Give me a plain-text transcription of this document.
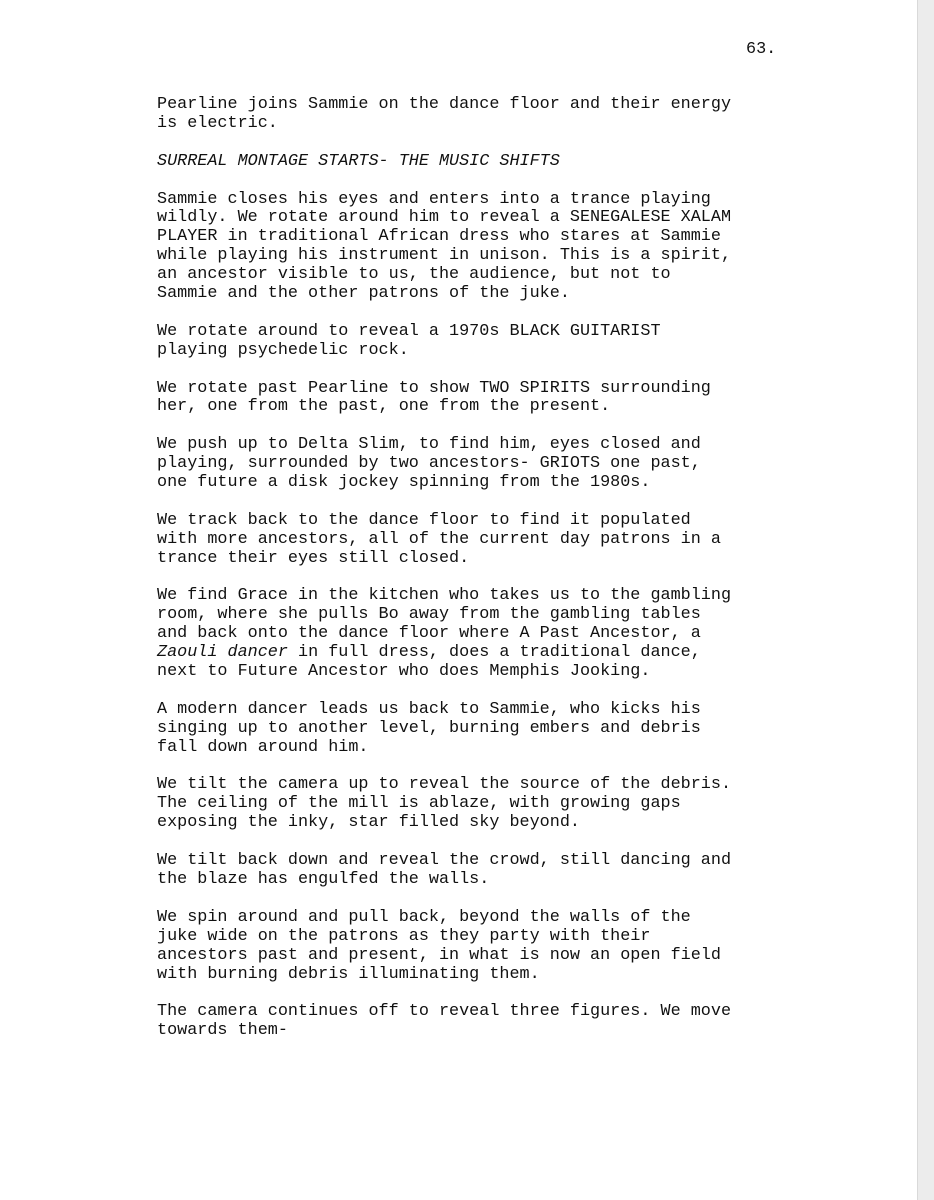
63.
Pearline joins Sammie on the dance floor and their energy
is electric.
SURREAL MONTAGE STARTS- THE MUSIC SHIFTS
Sammie closes his eyes and enters into a trance playing
wildly. We rotate around him to reveal a SENEGALESE XALAM
PLAYER in traditional African dress who stares at Sammie
while playing his instrument in unison. This is a spirit,
an ancestor visible to us, the audience, but not to
Sammie and the other patrons of the juke.
We rotate around to reveal a 1970s BLACK GUITARIST
playing psychedelic rock.
We rotate past Pearline to show TWO SPIRITS surrounding
her, one from the past, one from the present.
We push up to Delta Slim, to find him, eyes closed and
playing, surrounded by two ancestors- GRIOTS one past,
one future a disk jockey spinning from the 1980s.
We track back to the dance floor to find it populated
with more ancestors, all of the current day patrons in a
trance their eyes still closed.
We find Grace in the kitchen who takes us to the gambling
room, where she pulls Bo away from the gambling tables
and back onto the dance floor where A Past Ancestor, a
Zaouli dancer in full dress, does a traditional dance,
next to Future Ancestor who does Memphis Jooking.
A modern dancer leads us back to Sammie, who kicks his
singing up to another level, burning embers and debris
fall down around him.
We tilt the camera up to reveal the source of the debris.
The ceiling of the mill is ablaze, with growing gaps
exposing the inky, star filled sky beyond.
We tilt back down and reveal the crowd, still dancing and
the blaze has engulfed the walls.
We spin around and pull back, beyond the walls of the
juke wide on the patrons as they party with their
ancestors past and present, in what is now an open field
with burning debris illuminating them.
The camera continues off to reveal three figures. We move
towards them-
